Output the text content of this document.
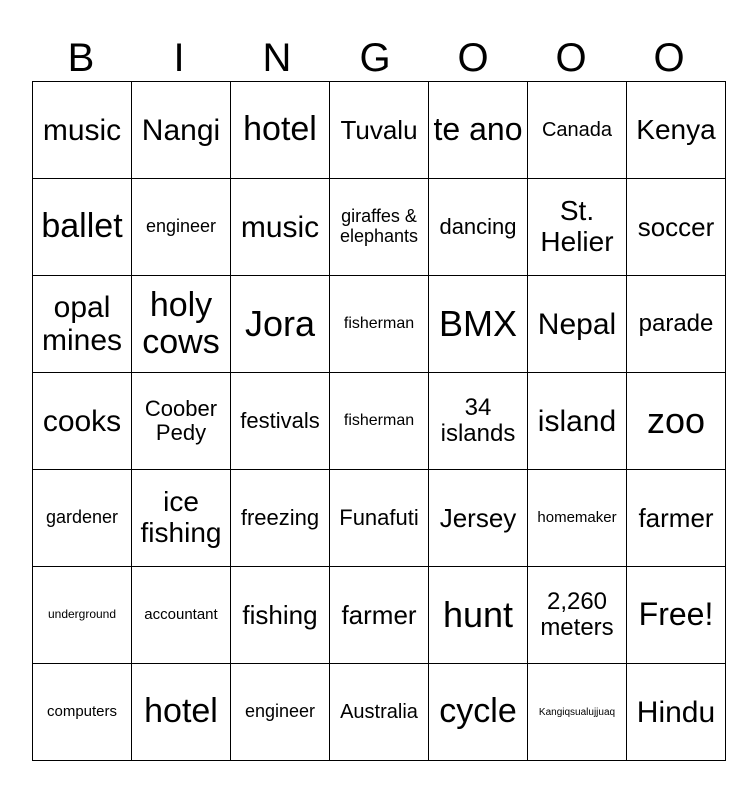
B	I	N	G	O	O	O
music	Nangi	hotel	Tuvalu	te ano	Canada	Kenya
ballet	engineer	music	giraffes & elephants	dancing	St. Helier	soccer
opal mines	holy cows	Jora	fisherman	BMX	Nepal	parade
cooks	Coober Pedy	festivals	fisherman	34 islands	island	zoo
gardener	ice fishing	freezing	Funafuti	Jersey	homemaker	farmer
underground	accountant	fishing	farmer	hunt	2,260 meters	Free!
computers	hotel	engineer	Australia	cycle	Kangiqsualujjuaq	Hindu
